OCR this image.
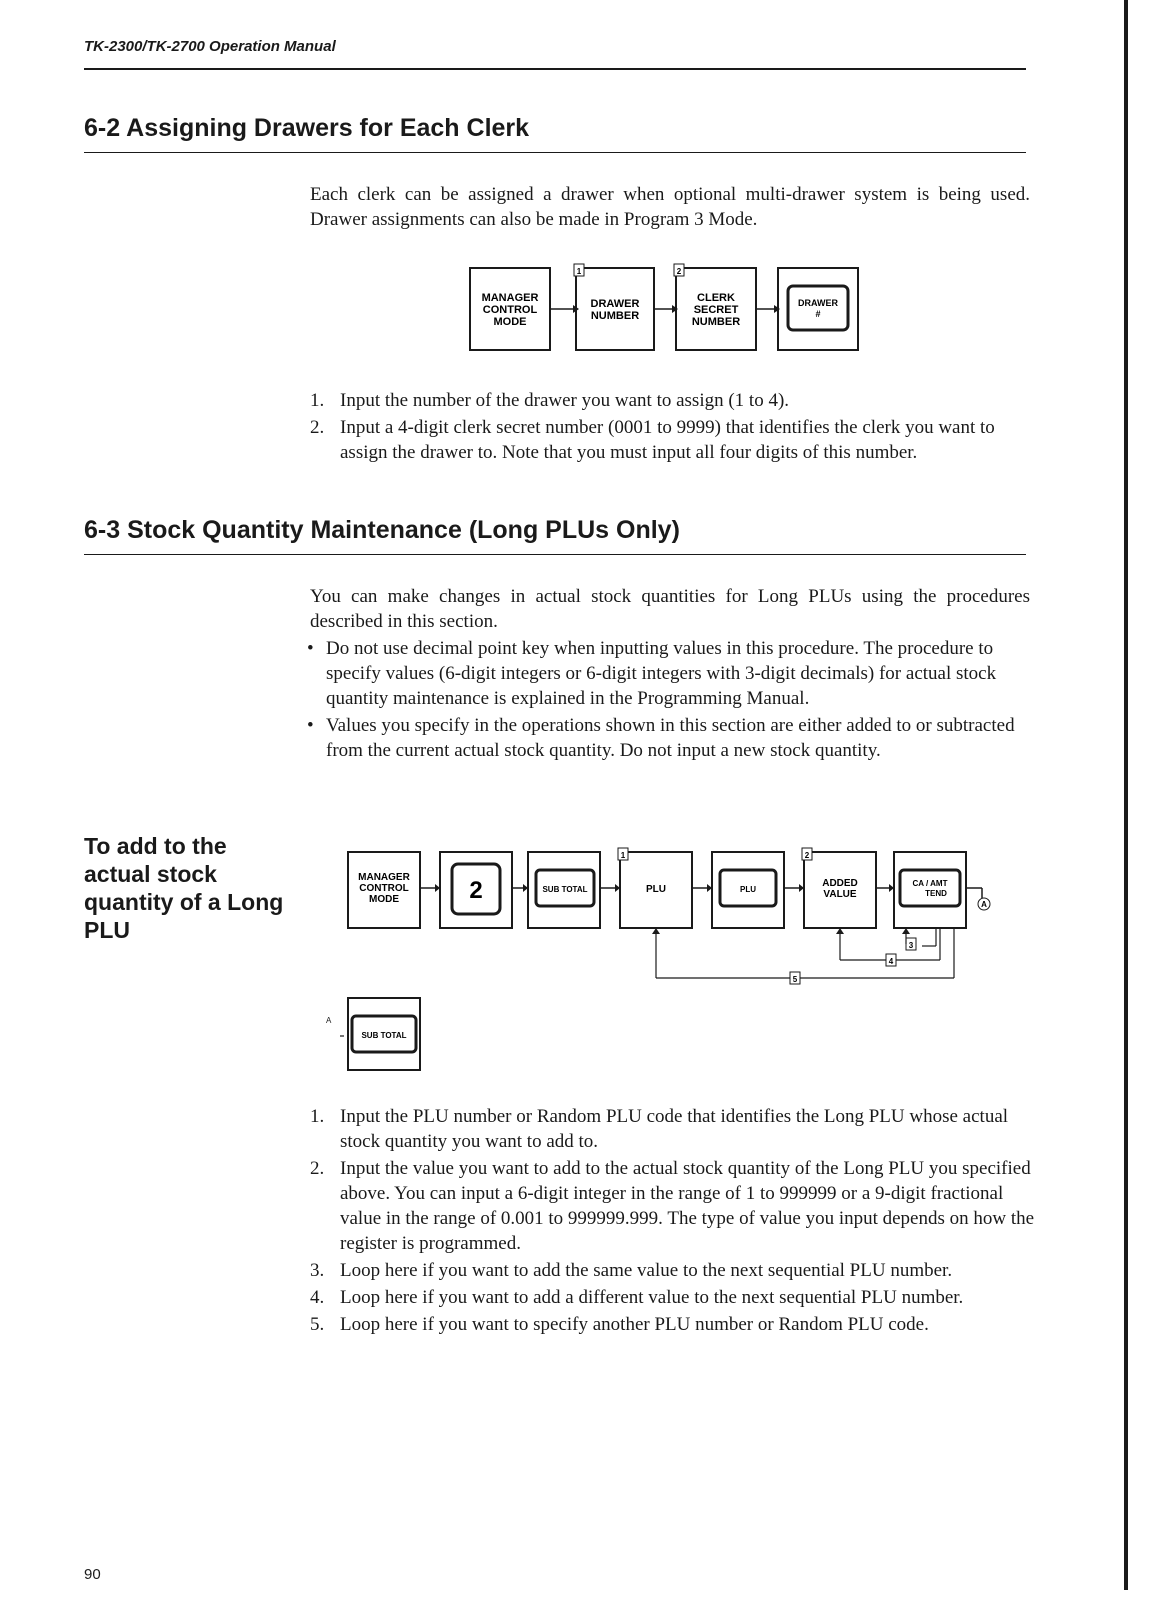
TK-2300/TK-2700 Operation Manual
6-2 Assigning Drawers for Each Clerk
Each clerk can be assigned a drawer when optional multi-drawer system is being used. Drawer assignments can also be made in Program 3 Mode.
MANAGER
CONTROL
MODE
1
DRAWER
NUMBER
2
CLERK
SECRET
NUMBER
DRAWER
#
1. Input the number of the drawer you want to assign (1 to 4).
2. Input a 4-digit clerk secret number (0001 to 9999) that identifies the clerk you want to assign the drawer to. Note that you must input all four digits of this number.
6-3 Stock Quantity Maintenance (Long PLUs Only)
You can make changes in actual stock quantities for Long PLUs using the procedures described in this section.
• Do not use decimal point key when inputting values in this procedure. The procedure to specify values (6-digit integers or 6-digit integers with 3-digit decimals) for actual stock quantity maintenance is explained in the Programming Manual.
• Values you specify in the operations shown in this section are either added to or subtracted from the current actual stock quantity. Do not input a new stock quantity.
To add to the actual stock quantity of a Long PLU
MANAGER
CONTROL
MODE	2	SUB TOTAL
1
PLU	PLU
2
ADDED
VALUE
CA / AMT
TEND
A
3
4
5
SUB TOTAL
A
1. Input the PLU number or Random PLU code that identifies the Long PLU whose actual stock quantity you want to add to.
2. Input the value you want to add to the actual stock quantity of the Long PLU you specified above. You can input a 6-digit integer in the range of 1 to 999999 or a 9-digit fractional value in the range of 0.001 to 999999.999. The type of value you input depends on how the register is programmed.
3. Loop here if you want to add the same value to the next sequential PLU number.
4. Loop here if you want to add a different value to the next sequential PLU number.
5. Loop here if you want to specify another PLU number or Random PLU code.
90
